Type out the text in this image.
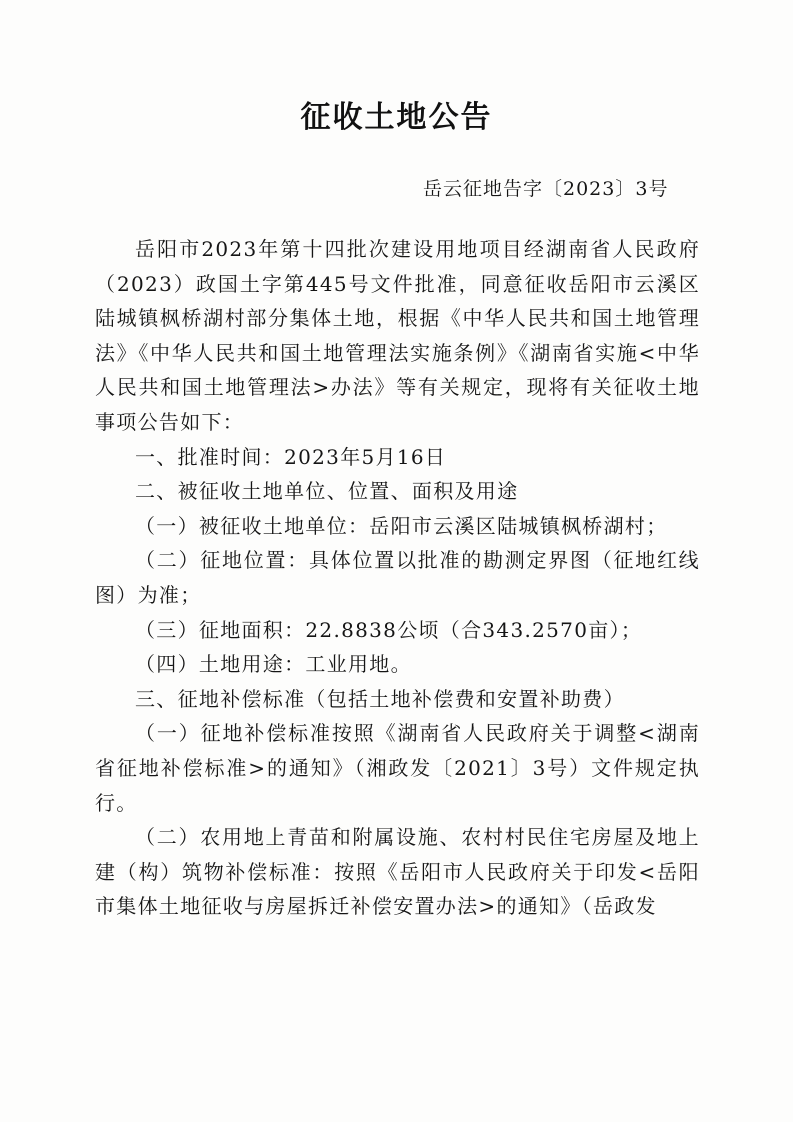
征收土地公告
岳云征地告字〔2023〕3号

岳阳市2023年第十四批次建设用地项目经湖南省人民政府（2023）政国土字第445号文件批准，同意征收岳阳市云溪区陆城镇枫桥湖村部分集体土地，根据《中华人民共和国土地管理法》《中华人民共和国土地管理法实施条例》《湖南省实施<中华人民共和国土地管理法>办法》等有关规定，现将有关征收土地事项公告如下：

一、批准时间：2023年5月16日

二、被征收土地单位、位置、面积及用途

（一）被征收土地单位：岳阳市云溪区陆城镇枫桥湖村；

（二）征地位置：具体位置以批准的勘测定界图（征地红线图）为准；

（三）征地面积：22.8838公顷（合343.2570亩）；

（四）土地用途：工业用地。

三、征地补偿标准（包括土地补偿费和安置补助费）

（一）征地补偿标准按照《湖南省人民政府关于调整<湖南省征地补偿标准>的通知》（湘政发〔2021〕3号）文件规定执行。

（二）农用地上青苗和附属设施、农村村民住宅房屋及地上建（构）筑物补偿标准：按照《岳阳市人民政府关于印发<岳阳市集体土地征收与房屋拆迁补偿安置办法>的通知》（岳政发
